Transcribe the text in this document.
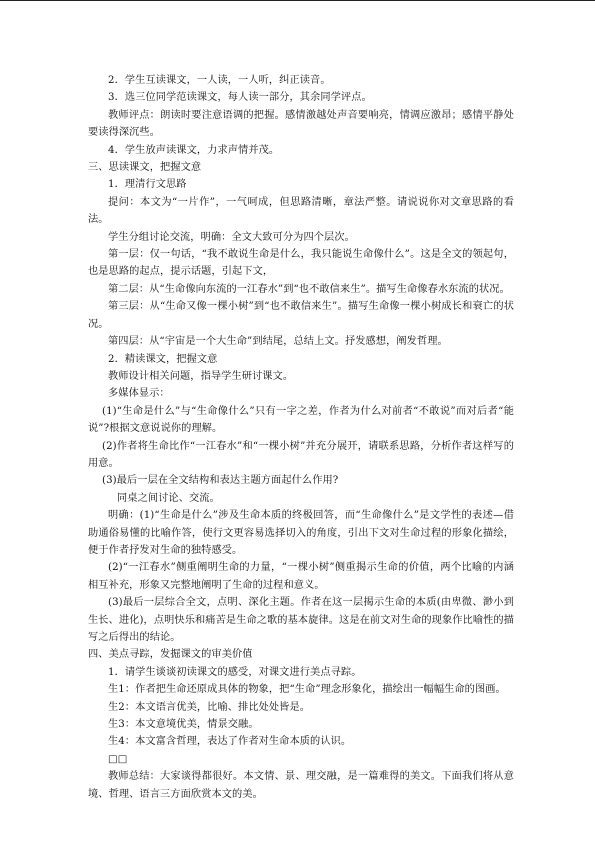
2．学生互读课文，一人读，一人听，纠正读音。

3．选三位同学范读课文，每人读一部分，其余同学评点。

教师评点：朗读时要注意语调的把握。感情激越处声音要响亮，情调应激昂；感情平静处要读得深沉些。

4．学生放声读课文，力求声情并茂。

三、思读课文，把握文意

1．理清行文思路

提问：本文为“一片作”，一气呵成，但思路清晰，章法严整。请说说你对文章思路的看法。

学生分组讨论交流，明确：全文大致可分为四个层次。

第一层：仅一句话，“我不敢说生命是什么，我只能说生命像什么”。这是全文的领起句，也是思路的起点，提示话题，引起下文，

第二层：从“生命像向东流的一江春水”到“也不敢信来生”。描写生命像春水东流的状况。

第三层：从“生命又像一棵小树”到“也不敢信来生”。描写生命像一棵小树成长和衰亡的状况。

第四层：从“宇宙是一个大生命”到结尾，总结上文。抒发感想，阐发哲理。

2．精读课文，把握文意

教师设计相关问题，指导学生研讨课文。

多媒体显示：

(1)“生命是什么”与“生命像什么”只有一字之差，作者为什么对前者“不敢说”而对后者“能说”?根据文意说说你的理解。

(2)作者将生命比作“一江春水”和“一棵小树”并充分展开，请联系思路，分析作者这样写的用意。

(3)最后一层在全文结构和表达主题方面起什么作用?

同桌之间讨论、交流。

明确：(1)“生命是什么”涉及生命本质的终极回答，而“生命像什么”是文学性的表述—借助通俗易懂的比喻作答，使行文更容易选择切入的角度，引出下文对生命过程的形象化描绘，便于作者抒发对生命的独特感受。

(2)“一江春水”侧重阐明生命的力量，“一棵小树”侧重揭示生命的价值，两个比喻的内涵相互补充，形象又完整地阐明了生命的过程和意义。

(3)最后一层综合全文，点明、深化主题。作者在这一层揭示生命的本质(由卑微、渺小到生长、进化)，点明快乐和痛苦是生命之歌的基本旋律。这是在前文对生命的现象作比喻性的描写之后得出的结论。

四、美点寻踪，发掘课文的审美价值

1．请学生谈谈初读课文的感受，对课文进行美点寻踪。

生1：作者把生命还原成具体的物象，把“生命”理念形象化，描绘出一幅幅生命的图画。

生2：本文语言优美，比喻、排比处处皆是。

生3：本文意境优美，情景交融。

生4：本文富含哲理，表达了作者对生命本质的认识。

□□

教师总结：大家谈得都很好。本文情、景、理交融，是一篇难得的美文。下面我们将从意境、哲理、语言三方面欣赏本文的美。
